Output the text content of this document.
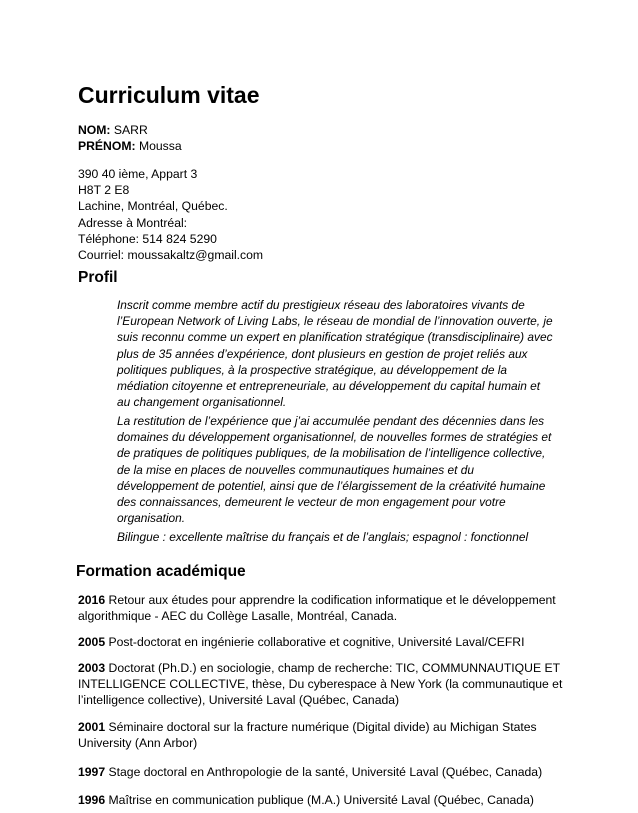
Curriculum vitae
NOM: SARR
PRÉNOM: Moussa
390 40 ième, Appart 3
H8T 2 E8
Lachine, Montréal, Québec.
Adresse à Montréal:
Téléphone: 514 824 5290
Courriel: moussakaltz@gmail.com
Profil
Inscrit comme membre actif du prestigieux réseau des laboratoires vivants de
l’European Network of Living Labs, le réseau de mondial de l’innovation ouverte, je
suis reconnu comme un expert en planification stratégique (transdisciplinaire) avec
plus de 35 années d’expérience, dont plusieurs en gestion de projet reliés aux
politiques publiques, à la prospective stratégique, au développement de la
médiation citoyenne et entrepreneuriale, au développement du capital humain et
au changement organisationnel.
La restitution de l’expérience que j’ai accumulée pendant des décennies dans les
domaines du développement organisationnel, de nouvelles formes de stratégies et
de pratiques de politiques publiques, de la mobilisation de l’intelligence collective,
de la mise en places de nouvelles communautiques humaines et du
développement de potentiel, ainsi que de l’élargissement de la créativité humaine
des connaissances, demeurent le vecteur de mon engagement pour votre
organisation.
Bilingue : excellente maîtrise du français et de l’anglais; espagnol : fonctionnel
Formation académique

2016 Retour aux études pour apprendre la codification informatique et le développement
algorithmique - AEC du Collège Lasalle, Montréal, Canada.

2005 Post-doctorat en ingénierie collaborative et cognitive, Université Laval/CEFRI

2003 Doctorat (Ph.D.) en sociologie, champ de recherche: TIC, COMMUNNAUTIQUE ET
INTELLIGENCE COLLECTIVE, thèse, Du cyberespace à New York (la communautique et
l’intelligence collective), Université Laval (Québec, Canada)

2001 Séminaire doctoral sur la fracture numérique (Digital divide) au Michigan States
University (Ann Arbor)

1997 Stage doctoral en Anthropologie de la santé, Université Laval (Québec, Canada)

1996 Maîtrise en communication publique (M.A.) Université Laval (Québec, Canada)
